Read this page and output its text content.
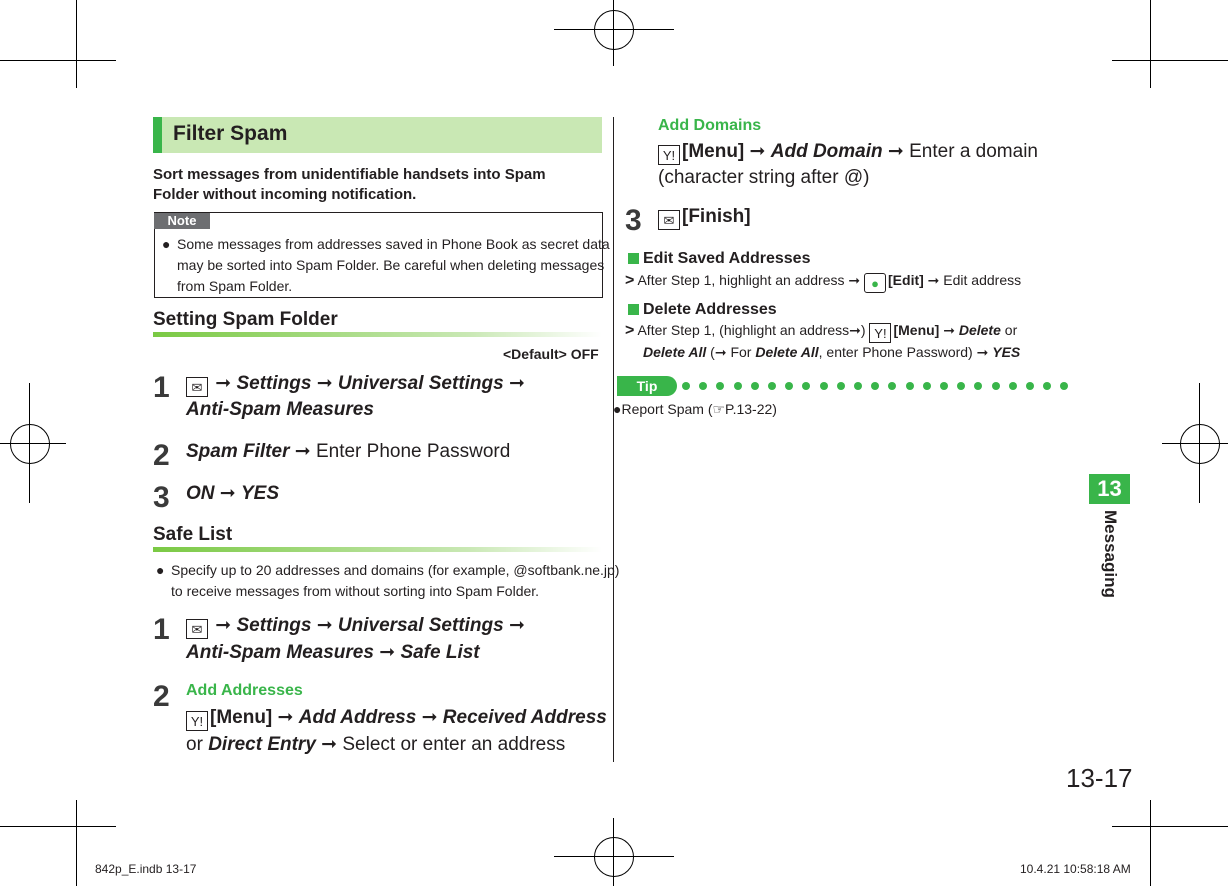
Filter Spam
Sort messages from unidentifiable handsets into Spam
Folder without incoming notification.
Note
● Some messages from addresses saved in Phone Book as secret data
may be sorted into Spam Folder. Be careful when deleting messages
from Spam Folder.
Setting Spam Folder
<Default> OFF
1	✉ ➞ Settings ➞ Universal Settings ➞
Anti-Spam Measures
2 Spam Filter ➞ Enter Phone Password
3 ON ➞ YES
Safe List
● Specify up to 20 addresses and domains (for example, @softbank.ne.jp)
to receive messages from without sorting into Spam Folder.
1	✉ ➞ Settings ➞ Universal Settings ➞
Anti-Spam Measures ➞ Safe List
2 Add Addresses
Y! [Menu] ➞ Add Address ➞ Received Address
or Direct Entry ➞ Select or enter an address
Add Domains
Y! [Menu] ➞ Add Domain ➞ Enter a domain
(character string after @)
3	✉ [Finish]
Edit Saved Addresses
> After Step 1, highlight an address ➞ ● [Edit] ➞ Edit address
Delete Addresses
> After Step 1, (highlight an address➞) Y! [Menu] ➞ Delete or
Delete All (➞ For Delete All, enter Phone Password) ➞ YES
Tip
●Report Spam (☞P.13-22)
13
Messaging
13-17
842p_E.indb 13-17	10.4.21 10:58:18 AM
